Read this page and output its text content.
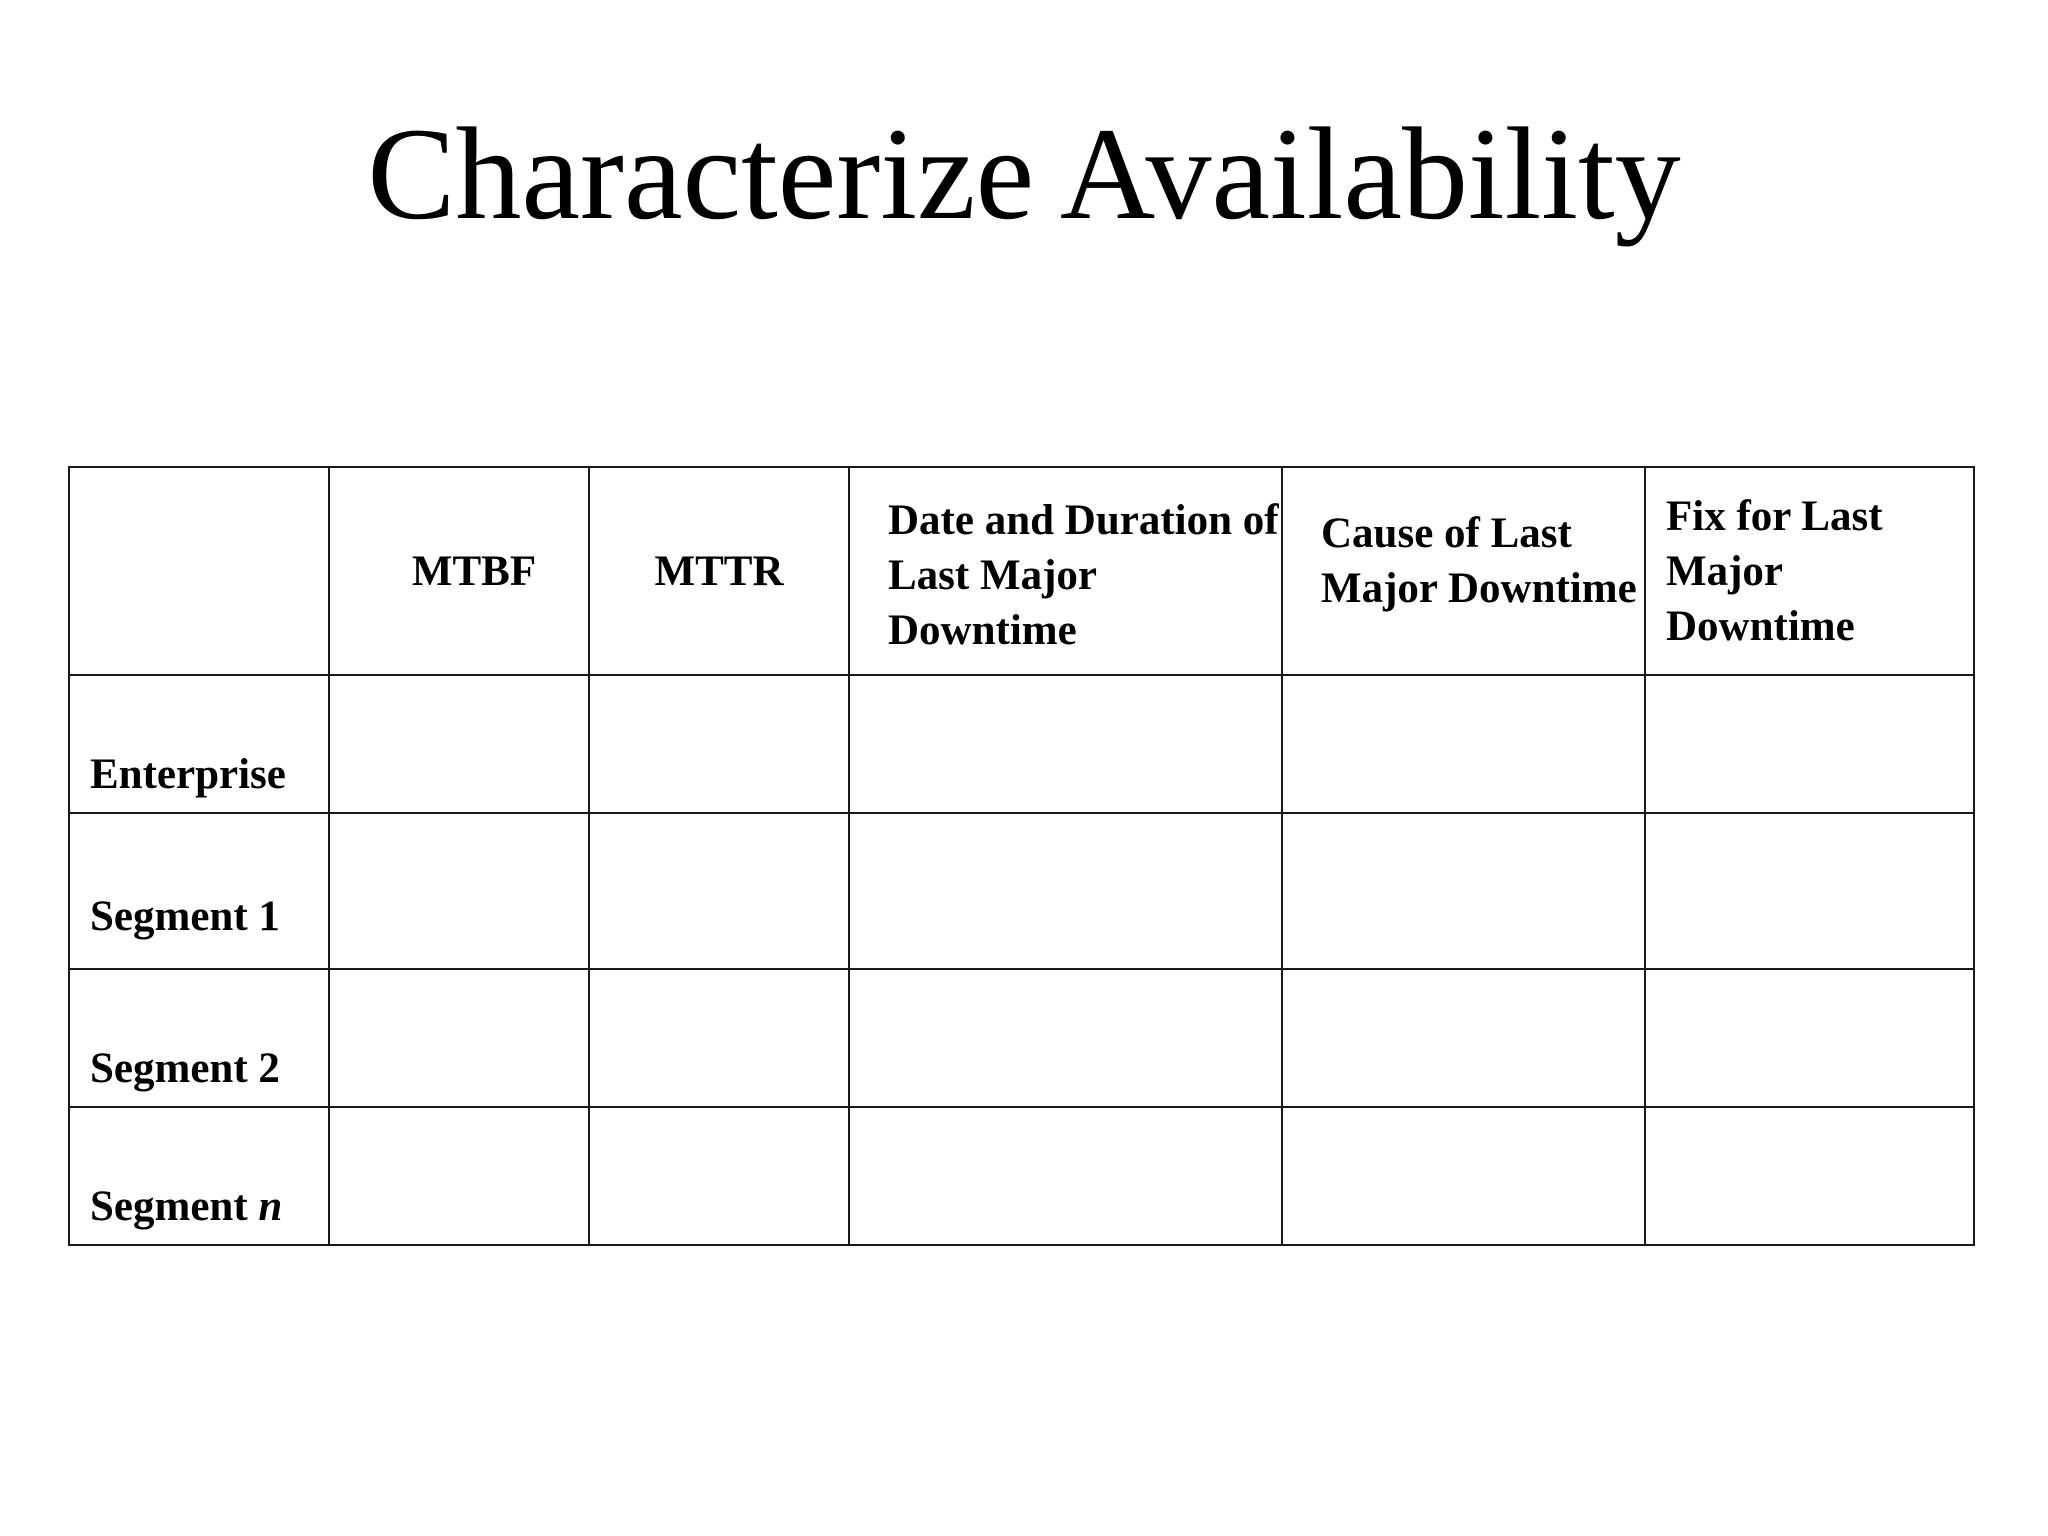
Characterize Availability

	MTBF	MTTR	Date and Duration of Last Major Downtime	Cause of Last Major Downtime	Fix for Last Major Downtime

Enterprise					

Segment 1					

Segment 2					

Segment n					
